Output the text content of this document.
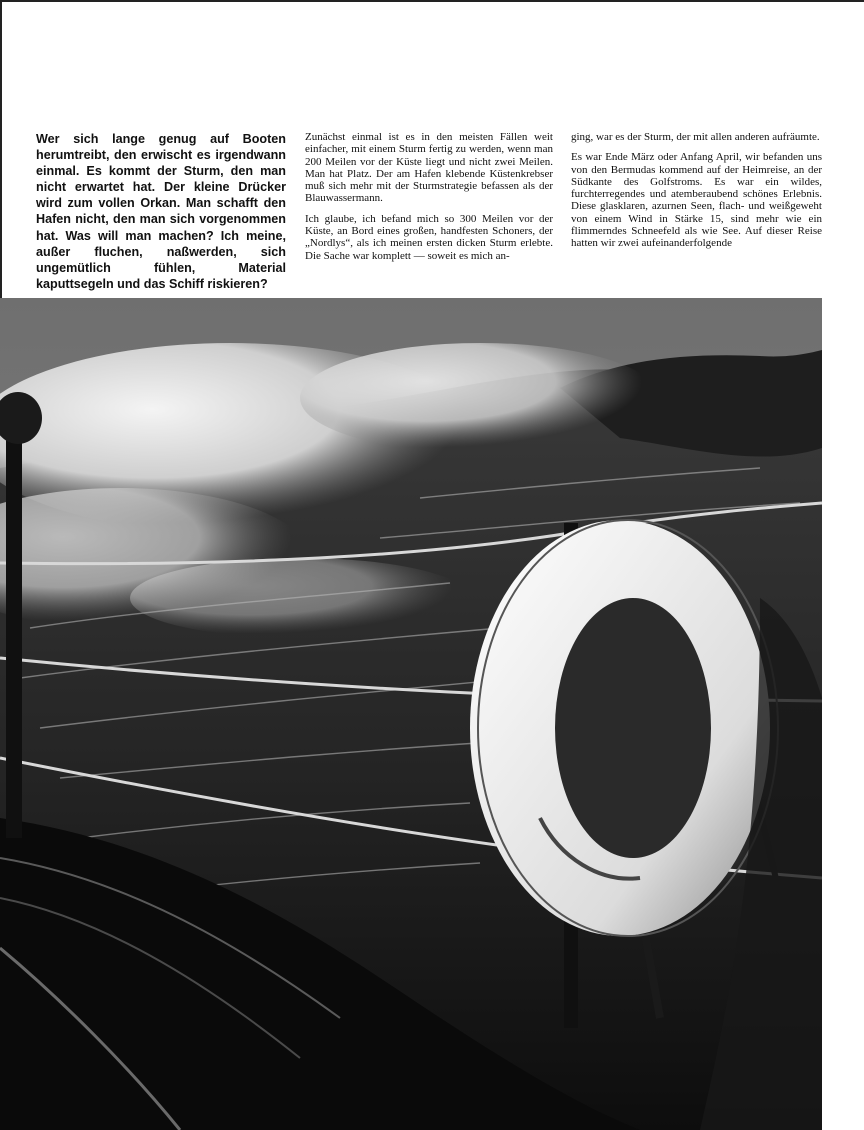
Wer sich lange genug auf Booten herumtreibt, den erwischt es irgendwann einmal. Es kommt der Sturm, den man nicht erwartet hat. Der kleine Drücker wird zum vollen Orkan. Man schafft den Hafen nicht, den man sich vorgenommen hat. Was will man machen? Ich meine, außer fluchen, naßwerden, sich ungemütlich fühlen, Material kaputtsegeln und das Schiff riskieren?

Zunächst einmal ist es in den meisten Fällen weit einfacher, mit einem Sturm fertig zu werden, wenn man 200 Meilen vor der Küste liegt und nicht zwei Meilen. Man hat Platz. Der am Hafen klebende Küstenkrebser muß sich mehr mit der Sturmstrategie befassen als der Blauwassermann.

Ich glaube, ich befand mich so 300 Meilen vor der Küste, an Bord eines großen, handfesten Schoners, der „Nordlys“, als ich meinen ersten dicken Sturm erlebte. Die Sache war komplett — soweit es mich an-

ging, war es der Sturm, der mit allen anderen aufräumte.

Es war Ende März oder Anfang April, wir befanden uns von den Bermudas kommend auf der Heimreise, an der Südkante des Golfstroms. Es war ein wildes, furchterregendes und atemberaubend schönes Erlebnis. Diese glasklaren, azurnen Seen, flach- und weißgeweht von einem Wind in Stärke 15, sind mehr wie ein flimmerndes Schneefeld als wie See. Auf dieser Reise hatten wir zwei aufeinanderfolgende
